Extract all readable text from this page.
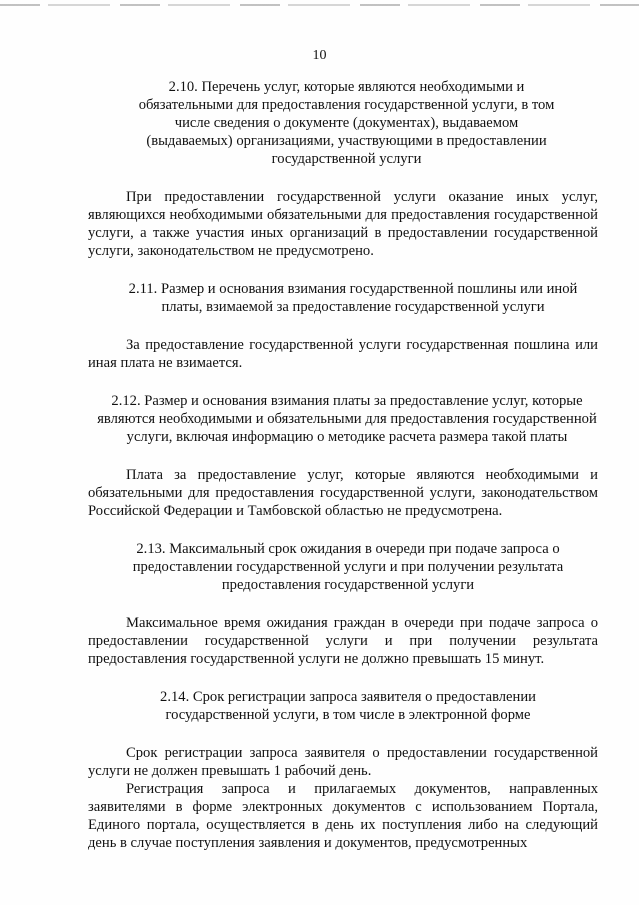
10

2.10. Перечень услуг, которые являются необходимыми и обязательными для предоставления государственной услуги, в том числе сведения о документе (документах), выдаваемом (выдаваемых) организациями, участвующими в предоставлении государственной услуги

При предоставлении государственной услуги оказание иных услуг, являющихся необходимыми обязательными для предоставления государственной услуги, а также участия иных организаций в предоставлении государственной услуги, законодательством не предусмотрено.

2.11. Размер и основания взимания государственной пошлины или иной платы, взимаемой за предоставление государственной услуги

За предоставление государственной услуги государственная пошлина или иная плата не взимается.

2.12. Размер и основания взимания платы за предоставление услуг, которые являются необходимыми и обязательными для предоставления государственной услуги, включая информацию о методике расчета размера такой платы

Плата за предоставление услуг, которые являются необходимыми и обязательными для предоставления государственной услуги, законодательством Российской Федерации и Тамбовской областью не предусмотрена.

2.13. Максимальный срок ожидания в очереди при подаче запроса о предоставлении государственной услуги и при получении результата предоставления государственной услуги

Максимальное время ожидания граждан в очереди при подаче запроса о предоставлении государственной услуги и при получении результата предоставления государственной услуги не должно превышать 15 минут.

2.14. Срок регистрации запроса заявителя о предоставлении государственной услуги, в том числе в электронной форме

Срок регистрации запроса заявителя о предоставлении государственной услуги не должен превышать 1 рабочий день.

Регистрация запроса и прилагаемых документов, направленных заявителями в форме электронных документов с использованием Портала, Единого портала, осуществляется в день их поступления либо на следующий день в случае поступления заявления и документов, предусмотренных
